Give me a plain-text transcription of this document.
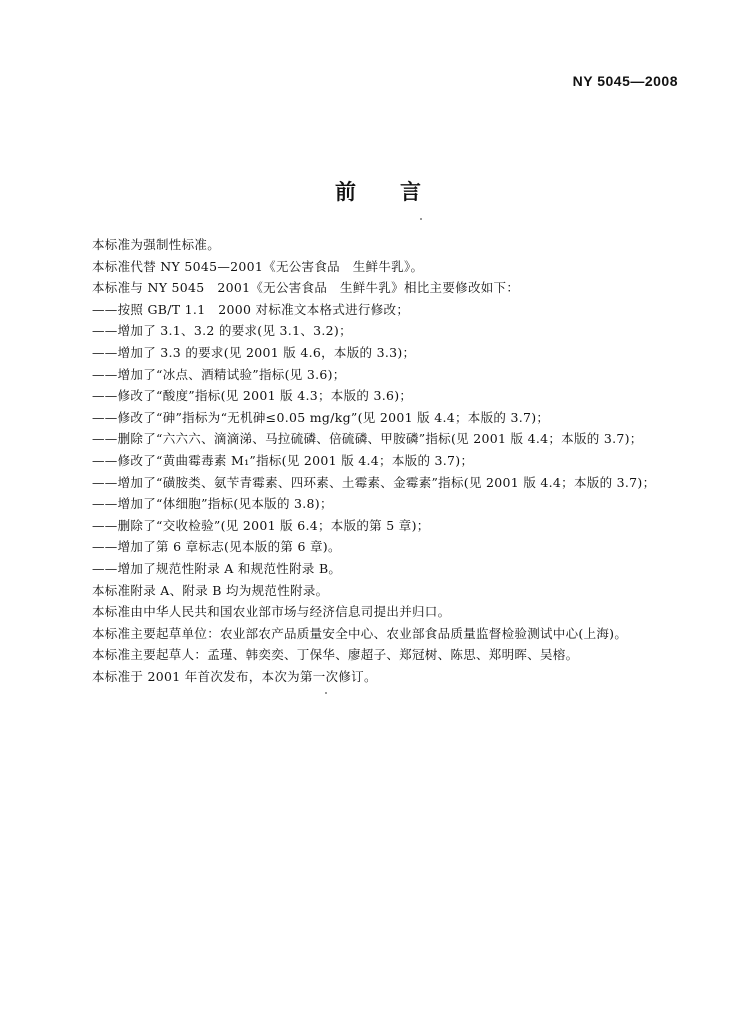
NY 5045—2008
前 言
本标准为强制性标准。
本标准代替 NY 5045—2001《无公害食品　生鲜牛乳》。
本标准与 NY 5045　2001《无公害食品　生鲜牛乳》相比主要修改如下：
——按照 GB/T 1.1　2000 对标准文本格式进行修改；
——增加了 3.1、3.2 的要求(见 3.1、3.2)；
——增加了 3.3 的要求(见 2001 版 4.6，本版的 3.3)；
——增加了“冰点、酒精试验”指标(见 3.6)；
——修改了“酸度”指标(见 2001 版 4.3；本版的 3.6)；
——修改了“砷”指标为“无机砷≤0.05 mg/kg”(见 2001 版 4.4；本版的 3.7)；
——删除了“六六六、滴滴涕、马拉硫磷、倍硫磷、甲胺磷”指标(见 2001 版 4.4；本版的 3.7)；
——修改了“黄曲霉毒素 M₁”指标(见 2001 版 4.4；本版的 3.7)；
——增加了“磺胺类、氨苄青霉素、四环素、土霉素、金霉素”指标(见 2001 版 4.4；本版的 3.7)；
——增加了“体细胞”指标(见本版的 3.8)；
——删除了“交收检验”(见 2001 版 6.4；本版的第 5 章)；
——增加了第 6 章标志(见本版的第 6 章)。
——增加了规范性附录 A 和规范性附录 B。
本标准附录 A、附录 B 均为规范性附录。
本标准由中华人民共和国农业部市场与经济信息司提出并归口。
本标准主要起草单位：农业部农产品质量安全中心、农业部食品质量监督检验测试中心(上海)。
本标准主要起草人：孟瑾、韩奕奕、丁保华、廖超子、郑冠树、陈思、郑明晖、吴榕。
本标准于 2001 年首次发布，本次为第一次修订。
